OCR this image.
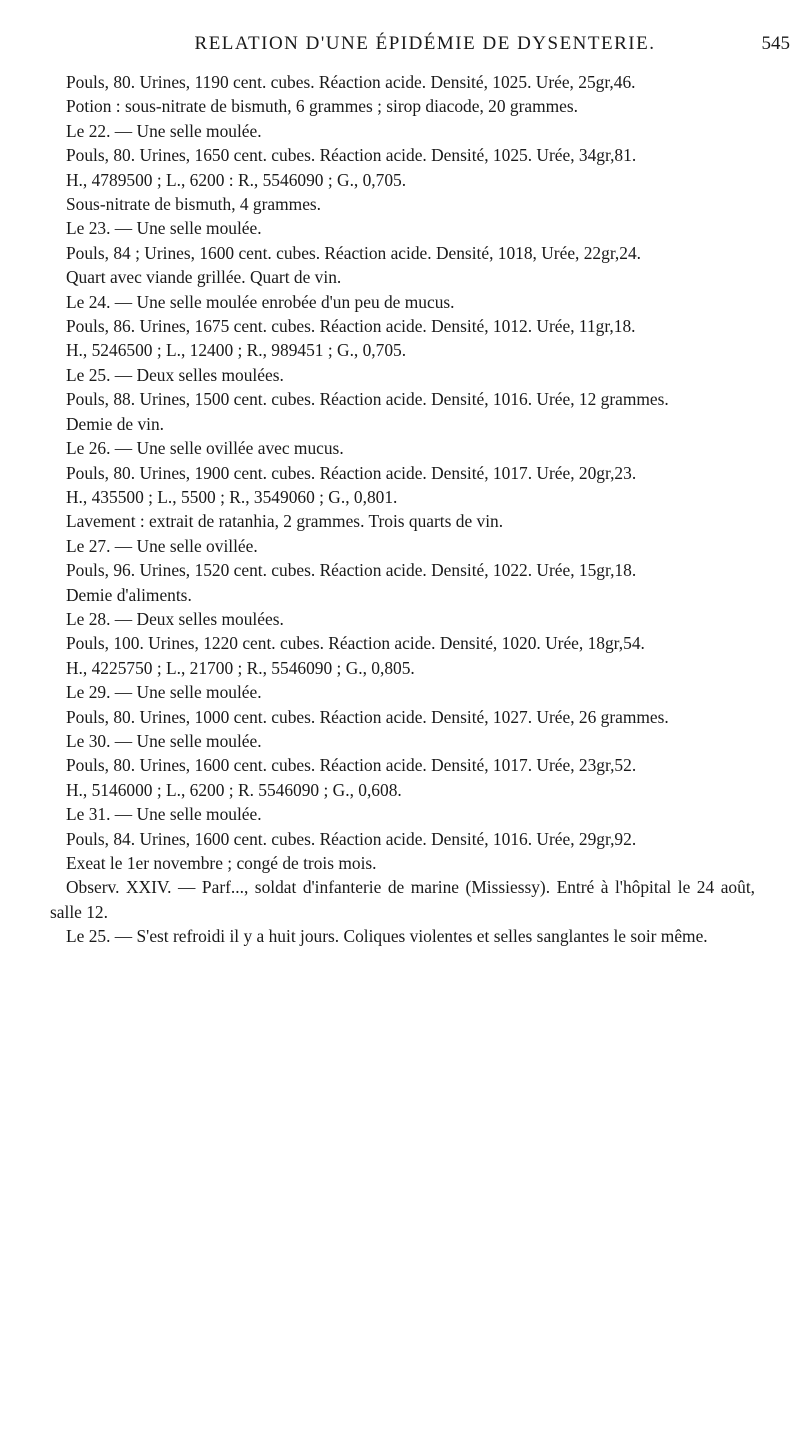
RELATION D'UNE ÉPIDÉMIE DE DYSENTERIE.	545

Pouls, 80. Urines, 1190 cent. cubes. Réaction acide. Densité, 1025. Urée, 25gr,46.

Potion : sous-nitrate de bismuth, 6 grammes ; sirop diacode, 20 grammes.

Le 22. — Une selle moulée.

Pouls, 80. Urines, 1650 cent. cubes. Réaction acide. Densité, 1025. Urée, 34gr,81.

H., 4789500 ; L., 6200 : R., 5546090 ; G., 0,705.

Sous-nitrate de bismuth, 4 grammes.

Le 23. — Une selle moulée.

Pouls, 84 ; Urines, 1600 cent. cubes. Réaction acide. Densité, 1018, Urée, 22gr,24.

Quart avec viande grillée. Quart de vin.

Le 24. — Une selle moulée enrobée d'un peu de mucus.

Pouls, 86. Urines, 1675 cent. cubes. Réaction acide. Densité, 1012. Urée, 11gr,18.

H., 5246500 ; L., 12400 ; R., 989451 ; G., 0,705.

Le 25. — Deux selles moulées.

Pouls, 88. Urines, 1500 cent. cubes. Réaction acide. Densité, 1016. Urée, 12 grammes.

Demie de vin.

Le 26. — Une selle ovillée avec mucus.

Pouls, 80. Urines, 1900 cent. cubes. Réaction acide. Densité, 1017. Urée, 20gr,23.

H., 435500 ; L., 5500 ; R., 3549060 ; G., 0,801.

Lavement : extrait de ratanhia, 2 grammes. Trois quarts de vin.

Le 27. — Une selle ovillée.

Pouls, 96. Urines, 1520 cent. cubes. Réaction acide. Densité, 1022. Urée, 15gr,18.

Demie d'aliments.

Le 28. — Deux selles moulées.

Pouls, 100. Urines, 1220 cent. cubes. Réaction acide. Densité, 1020. Urée, 18gr,54.

H., 4225750 ; L., 21700 ; R., 5546090 ; G., 0,805.

Le 29. — Une selle moulée.

Pouls, 80. Urines, 1000 cent. cubes. Réaction acide. Densité, 1027. Urée, 26 grammes.

Le 30. — Une selle moulée.

Pouls, 80. Urines, 1600 cent. cubes. Réaction acide. Densité, 1017. Urée, 23gr,52.

H., 5146000 ; L., 6200 ; R. 5546090 ; G., 0,608.

Le 31. — Une selle moulée.

Pouls, 84. Urines, 1600 cent. cubes. Réaction acide. Densité, 1016. Urée, 29gr,92.

Exeat le 1er novembre ; congé de trois mois.

Observ. XXIV. — Parf..., soldat d'infanterie de marine (Missiessy). Entré à l'hôpital le 24 août, salle 12.

Le 25. — S'est refroidi il y a huit jours. Coliques violentes et selles sanglantes le soir même.
